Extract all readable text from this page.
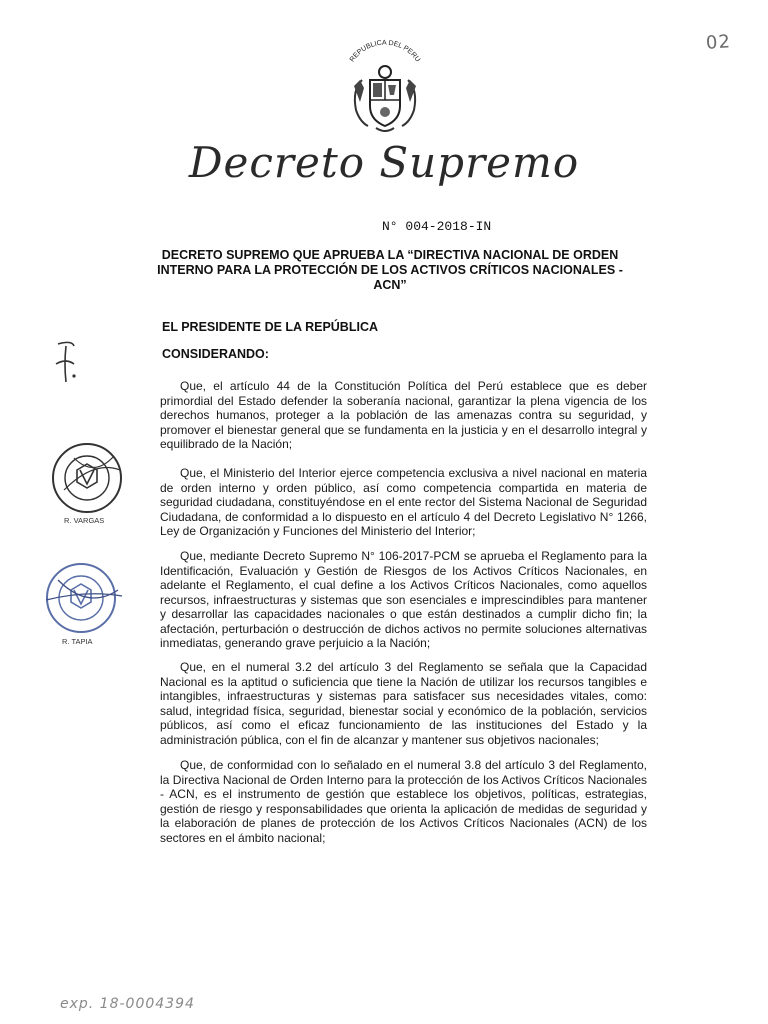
02
REPUBLICA DEL PERU
Decreto Supremo
N° 004-2018-IN
DECRETO SUPREMO QUE APRUEBA LA “DIRECTIVA NACIONAL DE ORDEN INTERNO PARA LA PROTECCIÓN DE LOS ACTIVOS CRÍTICOS NACIONALES - ACN”
EL PRESIDENTE DE LA REPÚBLICA
CONSIDERANDO:
Que, el artículo 44 de la Constitución Política del Perú establece que es deber primordial del Estado defender la soberanía nacional, garantizar la plena vigencia de los derechos humanos, proteger a la población de las amenazas contra su seguridad, y promover el bienestar general que se fundamenta en la justicia y en el desarrollo integral y equilibrado de la Nación;
Que, el Ministerio del Interior ejerce competencia exclusiva a nivel nacional en materia de orden interno y orden público, así como competencia compartida en materia de seguridad ciudadana, constituyéndose en el ente rector del Sistema Nacional de Seguridad Ciudadana, de conformidad a lo dispuesto en el artículo 4 del Decreto Legislativo N° 1266, Ley de Organización y Funciones del Ministerio del Interior;
Que, mediante Decreto Supremo N° 106-2017-PCM se aprueba el Reglamento para la Identificación, Evaluación y Gestión de Riesgos de los Activos Críticos Nacionales, en adelante el Reglamento, el cual define a los Activos Críticos Nacionales, como aquellos recursos, infraestructuras y sistemas que son esenciales e imprescindibles para mantener y desarrollar las capacidades nacionales o que están destinados a cumplir dicho fin; la afectación, perturbación o destrucción de dichos activos no permite soluciones alternativas inmediatas, generando grave perjuicio a la Nación;
Que, en el numeral 3.2 del artículo 3 del Reglamento se señala que la Capacidad Nacional es la aptitud o suficiencia que tiene la Nación de utilizar los recursos tangibles e intangibles, infraestructuras y sistemas para satisfacer sus necesidades vitales, como: salud, integridad física, seguridad, bienestar social y económico de la población, servicios públicos, así como el eficaz funcionamiento de las instituciones del Estado y la administración pública, con el fin de alcanzar y mantener sus objetivos nacionales;
Que, de conformidad con lo señalado en el numeral 3.8 del artículo 3 del Reglamento, la Directiva Nacional de Orden Interno para la protección de los Activos Críticos Nacionales - ACN, es el instrumento de gestión que establece los objetivos, políticas, estrategias, gestión de riesgo y responsabilidades que orienta la aplicación de medidas de seguridad y la elaboración de planes de protección de los Activos Críticos Nacionales (ACN) de los sectores en el ámbito nacional;
R. VARGAS
R. TAPIA
exp. 18-0004394
